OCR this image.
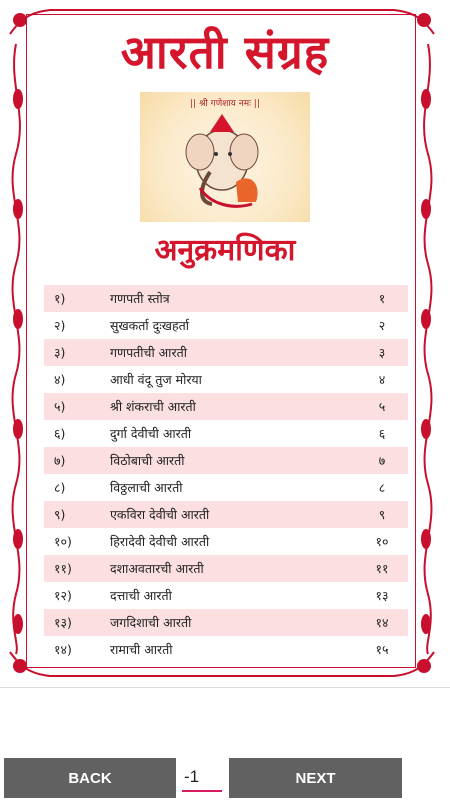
आरती संग्रह
|| श्री गणेशाय नमः ||
अनुक्रमणिका
१)	गणपती स्तोत्र	१
२)	सुखकर्ता दुःखहर्ता	२
३)	गणपतीची आरती	३
४)	आधी वंदू तुज मोरया	४
५)	श्री शंकराची आरती	५
६)	दुर्गा देवीची आरती	६
७)	विठोबाची आरती	७
८)	विठ्ठलाची आरती	८
९)	एकविरा देवीची आरती	९
१०)	हिरादेवी देवीची आरती	१०
११)	दशाअवतारची आरती	११
१२)	दत्ताची आरती	१३
१३)	जगदिशाची आरती	१४
१४)	रामाची आरती	१५
BACK
-1	NEXT
